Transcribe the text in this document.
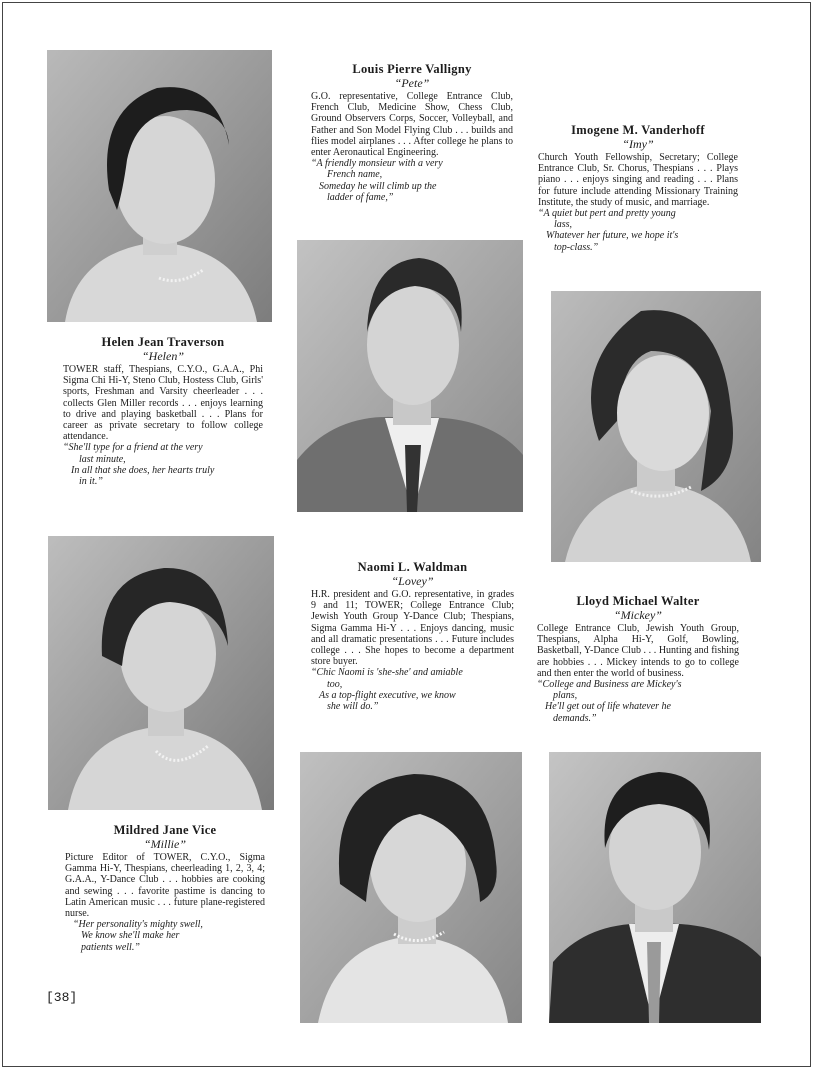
Helen Jean Traverson
“Helen”
TOWER staff, Thespians, C.Y.O., G.A.A., Phi Sigma Chi Hi-Y, Steno Club, Hostess Club, Girls' sports, Freshman and Varsity cheerleader . . . collects Glen Miller records . . . enjoys learning to drive and playing basketball . . . Plans for career as private secretary to follow college attendance.
“She'll type for a friend at the very
last minute,
In all that she does, her hearts truly
in it.”
Louis Pierre Valligny
“Pete”
G.O. representative, College Entrance Club, French Club, Medicine Show, Chess Club, Ground Observers Corps, Soccer, Volleyball, and Father and Son Model Flying Club . . . builds and flies model airplanes . . . After college he plans to enter Aeronautical Engineering.
“A friendly monsieur with a very
French name,
Someday he will climb up the
ladder of fame,”
Imogene M. Vanderhoff
“Imy”
Church Youth Fellowship, Secretary; College Entrance Club, Sr. Chorus, Thespians . . . Plays piano . . . enjoys singing and reading . . . Plans for future include attending Missionary Training Institute, the study of music, and marriage.
“A quiet but pert and pretty young
lass,
Whatever her future, we hope it's
top-class.”
Mildred Jane Vice
“Millie”
Picture Editor of TOWER, C.Y.O., Sigma Gamma Hi-Y, Thespians, cheerleading 1, 2, 3, 4; G.A.A., Y-Dance Club . . . hobbies are cooking and sewing . . . favorite pastime is dancing to Latin American music . . . future plane-registered nurse.
“Her personality's mighty swell,
We know she'll make her
patients well.”
Naomi L. Waldman
“Lovey”
H.R. president and G.O. representative, in grades 9 and 11; TOWER; College Entrance Club; Jewish Youth Group Y-Dance Club; Thespians, Sigma Gamma Hi-Y . . . Enjoys dancing, music and all dramatic presentations . . . Future includes college . . . She hopes to become a department store buyer.
“Chic Naomi is 'she-she' and amiable
too,
As a top-flight executive, we know
she will do.”
Lloyd Michael Walter
“Mickey”
College Entrance Club, Jewish Youth Group, Thespians, Alpha Hi-Y, Golf, Bowling, Basketball, Y-Dance Club . . . Hunting and fishing are hobbies . . . Mickey intends to go to college and then enter the world of business.
“College and Business are Mickey's
plans,
He'll get out of life whatever he
demands.”
[38]
